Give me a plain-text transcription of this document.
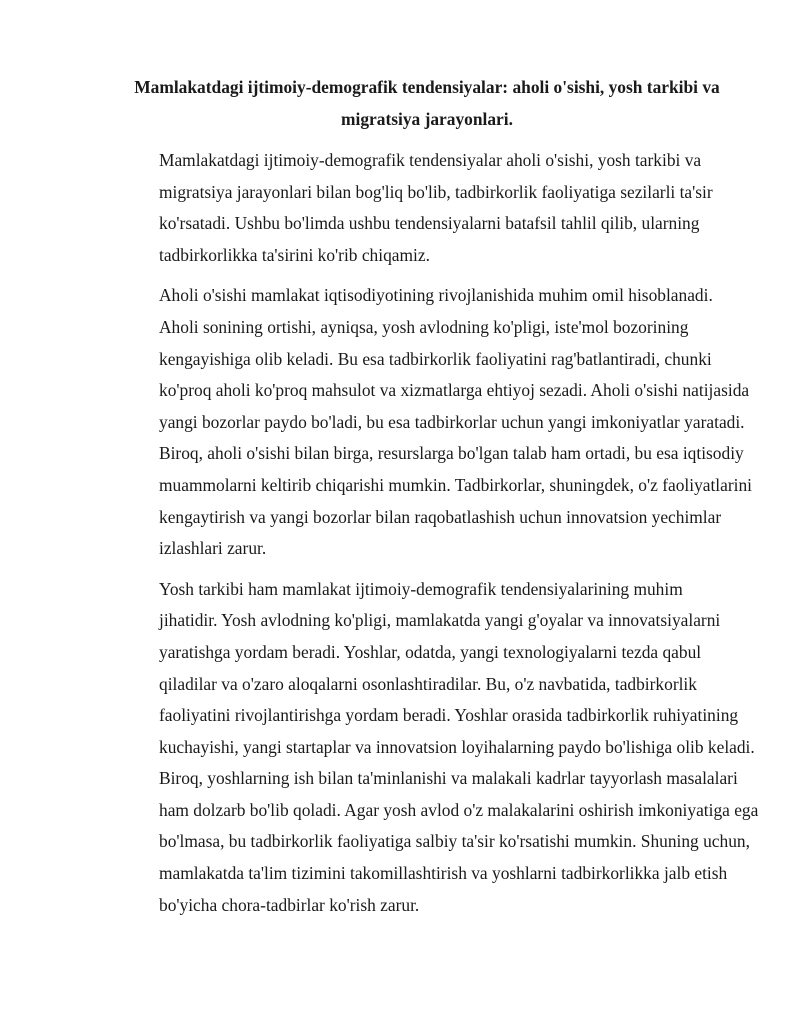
Mamlakatdagi ijtimoiy-demografik tendensiyalar: aholi o'sishi, yosh tarkibi va
migratsiya jarayonlari.

Mamlakatdagi ijtimoiy-demografik tendensiyalar aholi o'sishi, yosh tarkibi va
migratsiya jarayonlari bilan bog'liq bo'lib, tadbirkorlik faoliyatiga sezilarli ta'sir
ko'rsatadi. Ushbu bo'limda ushbu tendensiyalarni batafsil tahlil qilib, ularning
tadbirkorlikka ta'sirini ko'rib chiqamiz.

Aholi o'sishi mamlakat iqtisodiyotining rivojlanishida muhim omil hisoblanadi.
Aholi sonining ortishi, ayniqsa, yosh avlodning ko'pligi, iste'mol bozorining
kengayishiga olib keladi. Bu esa tadbirkorlik faoliyatini rag'batlantiradi, chunki
ko'proq aholi ko'proq mahsulot va xizmatlarga ehtiyoj sezadi. Aholi o'sishi natijasida
yangi bozorlar paydo bo'ladi, bu esa tadbirkorlar uchun yangi imkoniyatlar yaratadi.
Biroq, aholi o'sishi bilan birga, resurslarga bo'lgan talab ham ortadi, bu esa iqtisodiy
muammolarni keltirib chiqarishi mumkin. Tadbirkorlar, shuningdek, o'z faoliyatlarini
kengaytirish va yangi bozorlar bilan raqobatlashish uchun innovatsion yechimlar
izlashlari zarur.

Yosh tarkibi ham mamlakat ijtimoiy-demografik tendensiyalarining muhim
jihatidir. Yosh avlodning ko'pligi, mamlakatda yangi g'oyalar va innovatsiyalarni
yaratishga yordam beradi. Yoshlar, odatda, yangi texnologiyalarni tezda qabul
qiladilar va o'zaro aloqalarni osonlashtiradilar. Bu, o'z navbatida, tadbirkorlik
faoliyatini rivojlantirishga yordam beradi. Yoshlar orasida tadbirkorlik ruhiyatining
kuchayishi, yangi startaplar va innovatsion loyihalarning paydo bo'lishiga olib keladi.
Biroq, yoshlarning ish bilan ta'minlanishi va malakali kadrlar tayyorlash masalalari
ham dolzarb bo'lib qoladi. Agar yosh avlod o'z malakalarini oshirish imkoniyatiga ega
bo'lmasa, bu tadbirkorlik faoliyatiga salbiy ta'sir ko'rsatishi mumkin. Shuning uchun,
mamlakatda ta'lim tizimini takomillashtirish va yoshlarni tadbirkorlikka jalb etish
bo'yicha chora-tadbirlar ko'rish zarur.
